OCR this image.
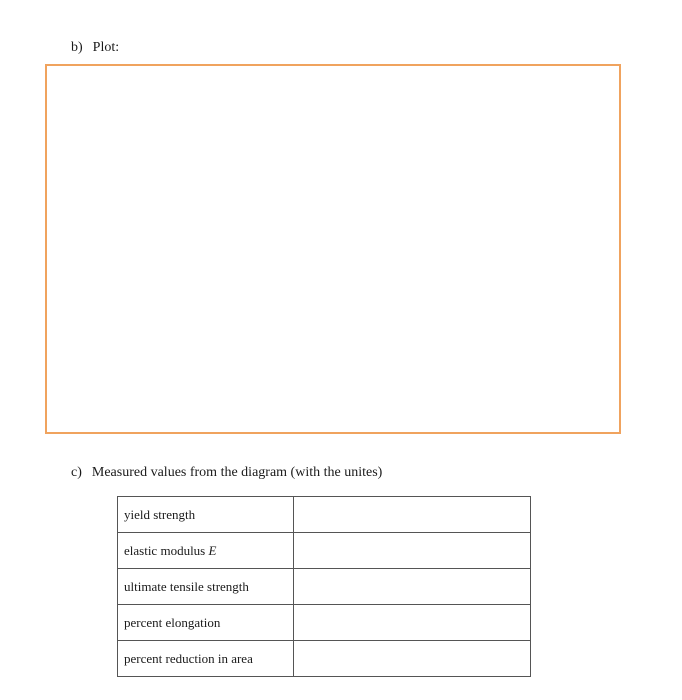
b) Plot:
c) Measured values from the diagram (with the unites)
yield strength	
elastic modulus E	
ultimate tensile strength	
percent elongation	
percent reduction in area	
